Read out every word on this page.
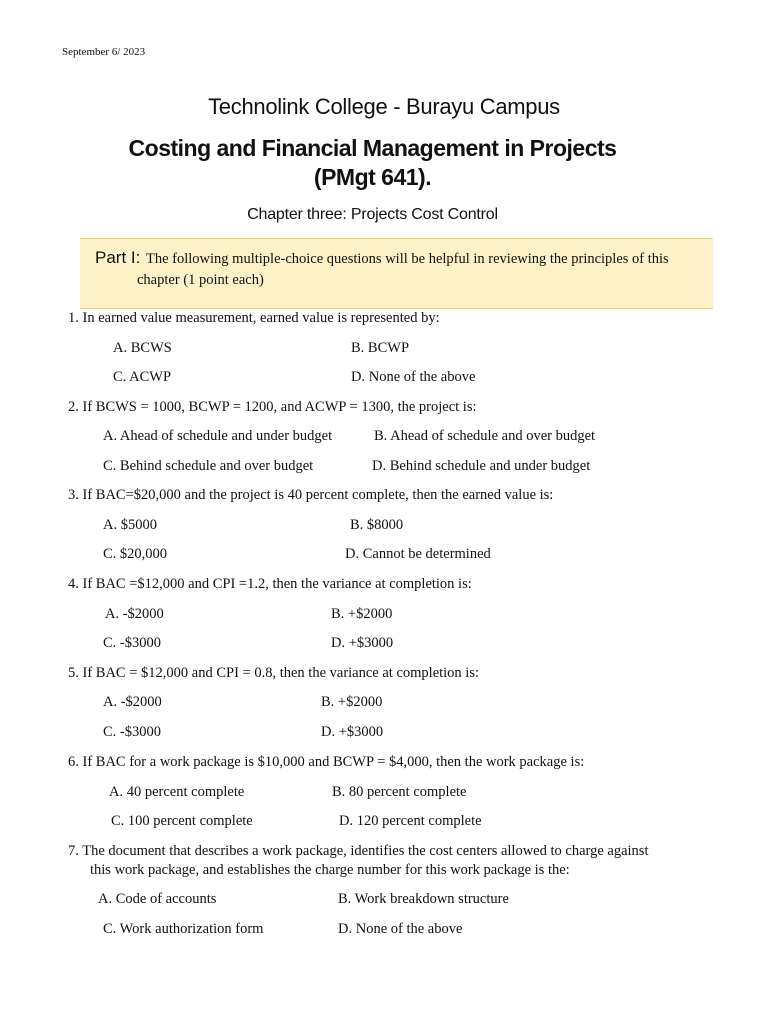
September 6/ 2023
Technolink College - Burayu Campus
Costing and Financial Management in Projects
(PMgt 641).
Chapter three: Projects Cost Control
Part I: The following multiple-choice questions will be helpful in reviewing the principles of this
chapter (1 point each)
1. In earned value measurement, earned value is represented by:
A. BCWS	B. BCWP
C. ACWP	D. None of the above
2. If BCWS = 1000, BCWP = 1200, and ACWP = 1300, the project is:
A. Ahead of schedule and under budget	B. Ahead of schedule and over budget
C. Behind schedule and over budget	D. Behind schedule and under budget
3. If BAC=$20,000 and the project is 40 percent complete, then the earned value is:
A. $5000	B. $8000
C. $20,000	D. Cannot be determined
4. If BAC =$12,000 and CPI =1.2, then the variance at completion is:
A. -$2000	B. +$2000
C. -$3000	D. +$3000
5. If BAC = $12,000 and CPI = 0.8, then the variance at completion is:
A. -$2000	B. +$2000
C. -$3000	D. +$3000
6. If BAC for a work package is $10,000 and BCWP = $4,000, then the work package is:
A. 40 percent complete	B. 80 percent complete
C. 100 percent complete	D. 120 percent complete
7. The document that describes a work package, identifies the cost centers allowed to charge against
this work package, and establishes the charge number for this work package is the:
A. Code of accounts	B. Work breakdown structure
C. Work authorization form	D. None of the above
